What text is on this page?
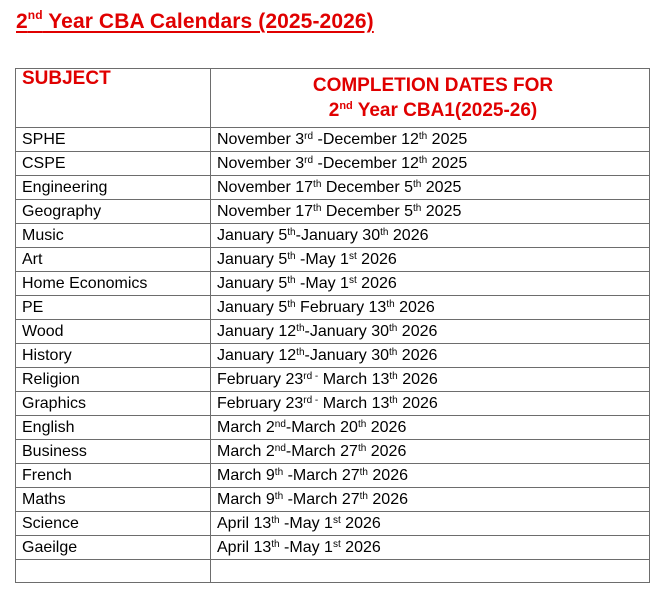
2nd Year CBA Calendars (2025-2026)
SUBJECT	COMPLETION DATES FOR
2nd Year CBA1(2025-26)

SPHE	November 3rd -December 12th 2025
CSPE	November 3rd -December 12th 2025
Engineering	November 17th December 5th 2025
Geography	November 17th December 5th 2025
Music	January 5th-January 30th 2026
Art	January 5th -May 1st 2026
Home Economics	January 5th -May 1st 2026
PE	January 5th February 13th 2026
Wood	January 12th-January 30th 2026
History	January 12th-January 30th 2026
Religion	February $23^{rd -}$ March 13th 2026
Graphics	February $23^{rd -}$ March 13th 2026
English	March 2nd-March 20th 2026
Business	March 2nd-March 27th 2026
French	March 9th -March 27th 2026
Maths	March 9th -March 27th 2026
Science	April 13th -May 1st 2026
Gaeilge	April 13th -May 1st 2026
